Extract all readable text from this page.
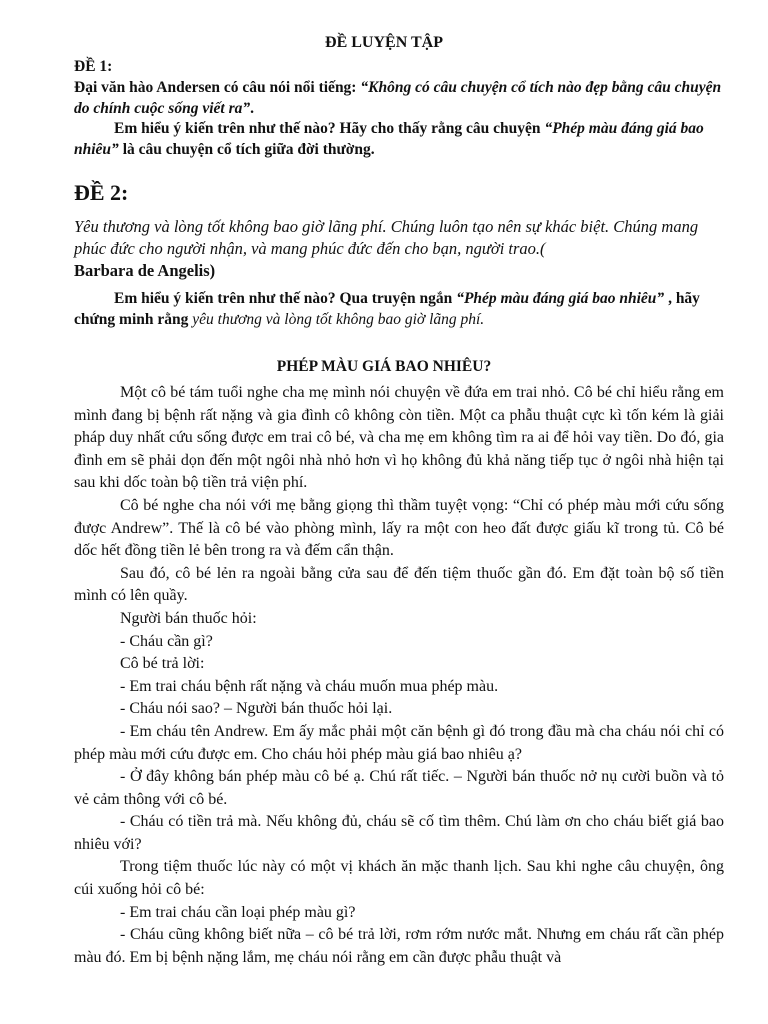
ĐỀ LUYỆN TẬP
ĐỀ 1:
Đại văn hào Andersen có câu nói nổi tiếng: “Không có câu chuyện cổ tích nào đẹp bằng câu chuyện do chính cuộc sống viết ra”.
Em hiểu ý kiến trên như thế nào? Hãy cho thấy rằng câu chuyện “Phép màu đáng giá bao nhiêu” là câu chuyện cổ tích giữa đời thường.
ĐỀ 2:
Yêu thương và lòng tốt không bao giờ lãng phí. Chúng luôn tạo nên sự khác biệt. Chúng mang phúc đức cho người nhận, và mang phúc đức đến cho bạn, người trao.(
Barbara de Angelis)
Em hiểu ý kiến trên như thế nào? Qua truyện ngắn “Phép màu đáng giá bao nhiêu” , hãy chứng minh rằng yêu thương và lòng tốt không bao giờ lãng phí.
PHÉP MÀU GIÁ BAO NHIÊU?

Một cô bé tám tuổi nghe cha mẹ mình nói chuyện về đứa em trai nhỏ. Cô bé chỉ hiểu rằng em mình đang bị bệnh rất nặng và gia đình cô không còn tiền. Một ca phẫu thuật cực kì tốn kém là giải pháp duy nhất cứu sống được em trai cô bé, và cha mẹ em không tìm ra ai để hỏi vay tiền. Do đó, gia đình em sẽ phải dọn đến một ngôi nhà nhỏ hơn vì họ không đủ khả năng tiếp tục ở ngôi nhà hiện tại sau khi dốc toàn bộ tiền trả viện phí.

Cô bé nghe cha nói với mẹ bằng giọng thì thầm tuyệt vọng: “Chỉ có phép màu mới cứu sống được Andrew”. Thế là cô bé vào phòng mình, lấy ra một con heo đất được giấu kĩ trong tủ. Cô bé dốc hết đồng tiền lẻ bên trong ra và đếm cẩn thận.

Sau đó, cô bé lẻn ra ngoài bằng cửa sau để đến tiệm thuốc gần đó. Em đặt toàn bộ số tiền mình có lên quầy.

Người bán thuốc hỏi:

- Cháu cần gì?

Cô bé trả lời:

- Em trai cháu bệnh rất nặng và cháu muốn mua phép màu.

- Cháu nói sao? – Người bán thuốc hỏi lại.

- Em cháu tên Andrew. Em ấy mắc phải một căn bệnh gì đó trong đầu mà cha cháu nói chỉ có phép màu mới cứu được em. Cho cháu hỏi phép màu giá bao nhiêu ạ?

- Ở đây không bán phép màu cô bé ạ. Chú rất tiếc. – Người bán thuốc nở nụ cười buồn và tỏ vẻ cảm thông với cô bé.

- Cháu có tiền trả mà. Nếu không đủ, cháu sẽ cố tìm thêm. Chú làm ơn cho cháu biết giá bao nhiêu với?

Trong tiệm thuốc lúc này có một vị khách ăn mặc thanh lịch. Sau khi nghe câu chuyện, ông cúi xuống hỏi cô bé:

- Em trai cháu cần loại phép màu gì?

- Cháu cũng không biết nữa – cô bé trả lời, rơm rớm nước mắt. Nhưng em cháu rất cần phép màu đó. Em bị bệnh nặng lắm, mẹ cháu nói rằng em cần được phẫu thuật và
